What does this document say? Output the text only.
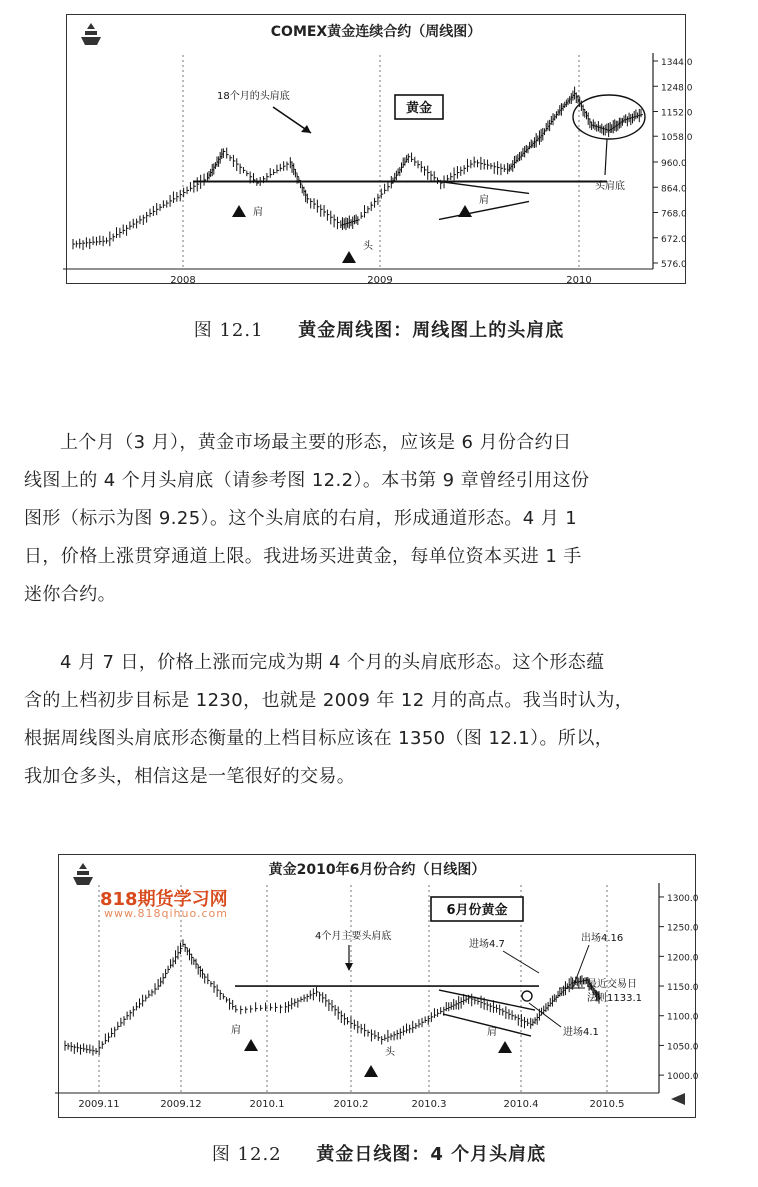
COMEX黄金连续合约（周线图）
1344.0
1248.0
1152.0
1058.0
960.0
864.0
768.0
672.0
576.0
2008	2009	2010
18个月的头肩底
黄金
肩
头
肩
头肩底
图 12.1 黄金周线图：周线图上的头肩底
上个月（3 月），黄金市场最主要的形态，应该是 6 月份合约日
线图上的 4 个月头肩底（请参考图 12.2）。本书第 9 章曾经引用这份
图形（标示为图 9.25）。这个头肩底的右肩，形成通道形态。4 月 1
日，价格上涨贯穿通道上限。我进场买进黄金，每单位资本买进 1 手
迷你合约。
4 月 7 日，价格上涨而完成为期 4 个月的头肩底形态。这个形态蕴
含的上档初步目标是 1230，也就是 2009 年 12 月的高点。我当时认为，
根据周线图头肩底形态衡量的上档目标应该在 1350（图 12.1）。所以，
我加仓多头，相信这是一笔很好的交易。
黄金2010年6月份合约（日线图）
1300.0
1250.0
1200.0
1150.0
1100.0
1050.0
1000.0
2009.11	2009.12	2010.1	2010.2	2010.3	2010.4	2010.5
6月份黄金
4个月主要头肩底
进场4.7
出场4.16
最近交易日
法则1133.1
进场4.1
肩
头
肩
818期货学习网
www.818qihuo.com
图 12.2 黄金日线图：4 个月头肩底
